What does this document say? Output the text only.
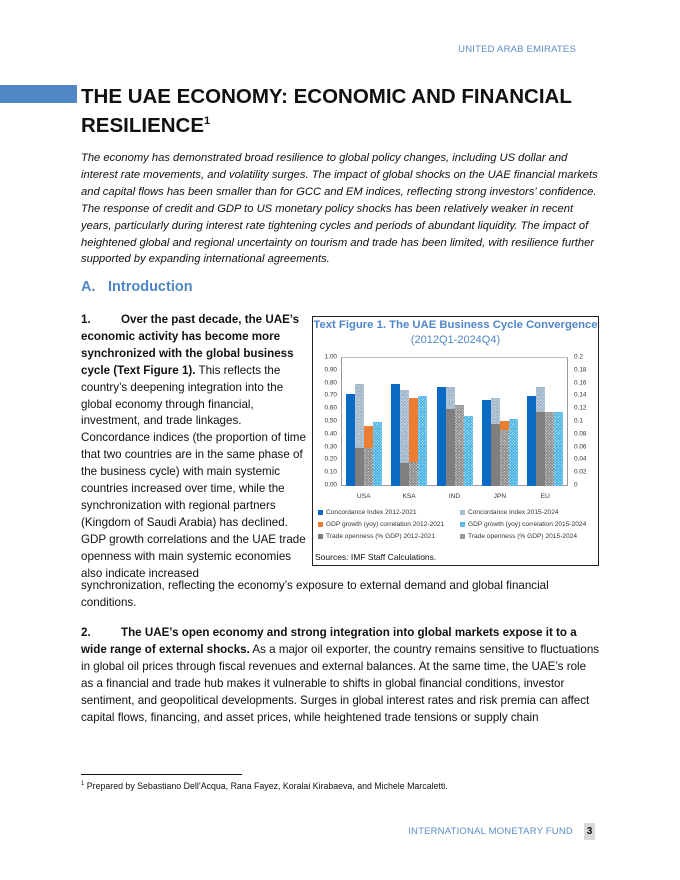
UNITED ARAB EMIRATES
THE UAE ECONOMY: ECONOMIC AND FINANCIAL RESILIENCE$^1$

The economy has demonstrated broad resilience to global policy changes, including US dollar and interest rate movements, and volatility surges. The impact of global shocks on the UAE financial markets and capital flows has been smaller than for GCC and EM indices, reflecting strong investors’ confidence. The response of credit and GDP to US monetary policy shocks has been relatively weaker in recent years, particularly during interest rate tightening cycles and periods of abundant liquidity. The impact of heightened global and regional uncertainty on tourism and trade has been limited, with resilience further supported by expanding international agreements.

A. Introduction

1.	Over the past decade, the UAE’s economic activity has become more synchronized with the global business cycle (Text Figure 1). This reflects the country’s deepening integration into the global economy through financial, investment, and trade linkages. Concordance indices (the proportion of time that two countries are in the same phase of the business cycle) with main systemic countries increased over time, while the synchronization with regional partners (Kingdom of Saudi Arabia) has declined. GDP growth correlations and the UAE trade openness with main systemic economies also indicate increased

synchronization, reflecting the economy’s exposure to external demand and global financial conditions.

2.	The UAE’s open economy and strong integration into global markets expose it to a wide range of external shocks. As a major oil exporter, the country remains sensitive to fluctuations in global oil prices through fiscal revenues and external balances. At the same time, the UAE’s role as a financial and trade hub makes it vulnerable to shifts in global financial conditions, investor sentiment, and geopolitical developments. Surges in global interest rates and risk premia can affect capital flows, financing, and asset prices, while heightened trade tensions or supply chain

Text Figure 1. The UAE Business Cycle Convergence
(2012Q1-2024Q4)
1.00
0.90
0.80
0.70
0.60
0.50
0.40
0.30
0.20
0.10
0.00
0.2
0.18
0.16
0.14
0.12
0.1
0.08
0.06
0.04
0.02
0
USA	KSA	IND	JPN	EU
Concordance Index 2012-2021	Concordance Index 2015-2024
GDP growth (yoy) correlation 2012-2021	GDP growth (yoy) correlation 2015-2024
Trade openness (% GDP) 2012-2021	Trade openness (% GDP) 2015-2024
Sources: IMF Staff Calculations.
$^1$ Prepared by Sebastiano Dell’Acqua, Rana Fayez, Koralai Kirabaeva, and Michele Marcaletti.
INTERNATIONAL MONETARY FUND 3
